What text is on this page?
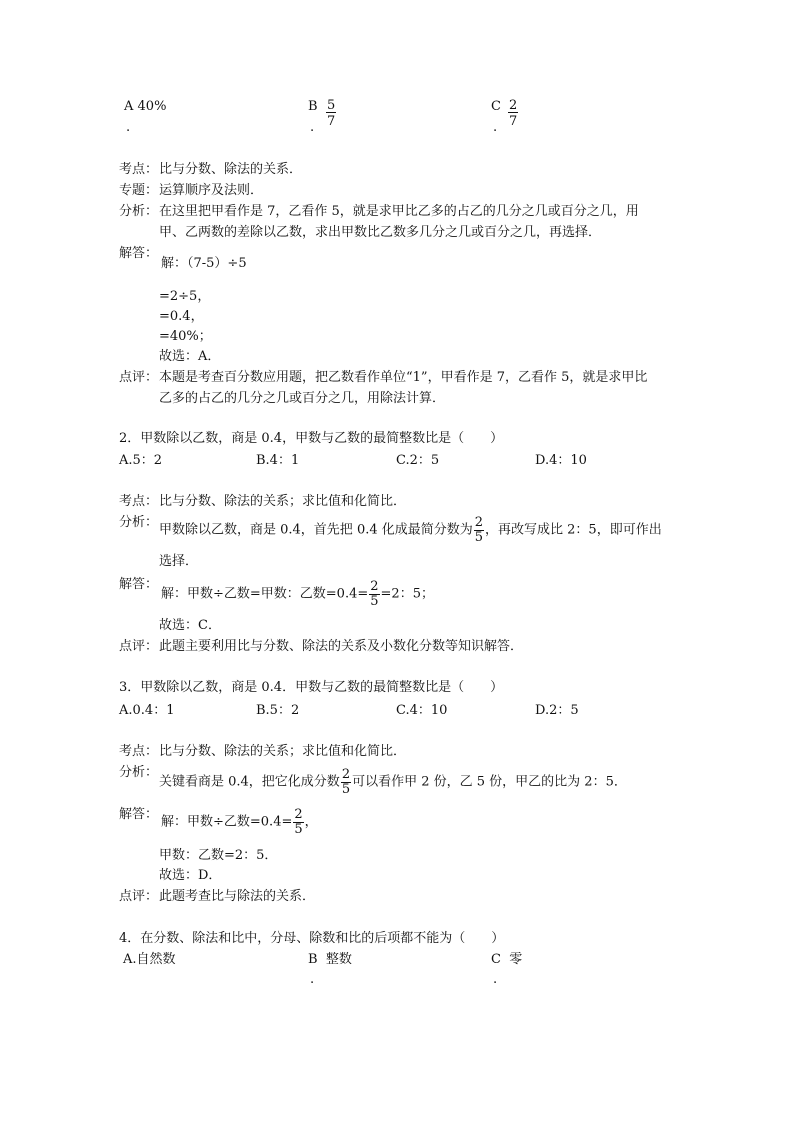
A 40%
.
B $\frac{5}{7}$
.
C $\frac{2}{7}$
.
考点： 比与分数、除法的关系．
专题： 运算顺序及法则．
分析： 在这里把甲看作是 7，乙看作 5，就是求甲比乙多的占乙的几分之几或百分之几，用
甲、乙两数的差除以乙数，求出甲数比乙数多几分之几或百分之几，再选择．
解答：
解：（7-5）÷5
=2÷5，
=0.4，
=40%；
故选：A．
点评： 本题是考查百分数应用题，把乙数看作单位“1”，甲看作是 7，乙看作 5，就是求甲比
乙多的占乙的几分之几或百分之几，用除法计算．
2．甲数除以乙数，商是 0.4，甲数与乙数的最简整数比是（　　）
A.5：2	B.4：1	C.2：5	D.4：10
考点： 比与分数、除法的关系；求比值和化简比．
分析：
甲数除以乙数，商是 0.4，首先把 0.4 化成最简分数为 $\frac{2}{5}$ ，再改写成比 2：5，即可作出
选择．
解答：
解：甲数÷乙数=甲数：乙数$=0.4= \frac{2}{5} =2$：5；
故选：C．
点评： 此题主要利用比与分数、除法的关系及小数化分数等知识解答．
3．甲数除以乙数，商是 0.4．甲数与乙数的最简整数比是（　　）
A.0.4：1	B.5：2	C.4：10	D.2：5
考点： 比与分数、除法的关系；求比值和化简比．
分析：
关键看商是 0.4，把它化成分数 $\frac{2}{5}$ 可以看作甲 2 份，乙 5 份，甲乙的比为 2：5．
解答：
解：甲数÷乙数$=0.4= \frac{2}{5}$ ，
甲数：乙数=2：5．
故选：D．
点评： 此题考查比与除法的关系．
4．在分数、除法和比中，分母、除数和比的后项都不能为（　　）
A.自然数	B 整数
.
C 零
.
